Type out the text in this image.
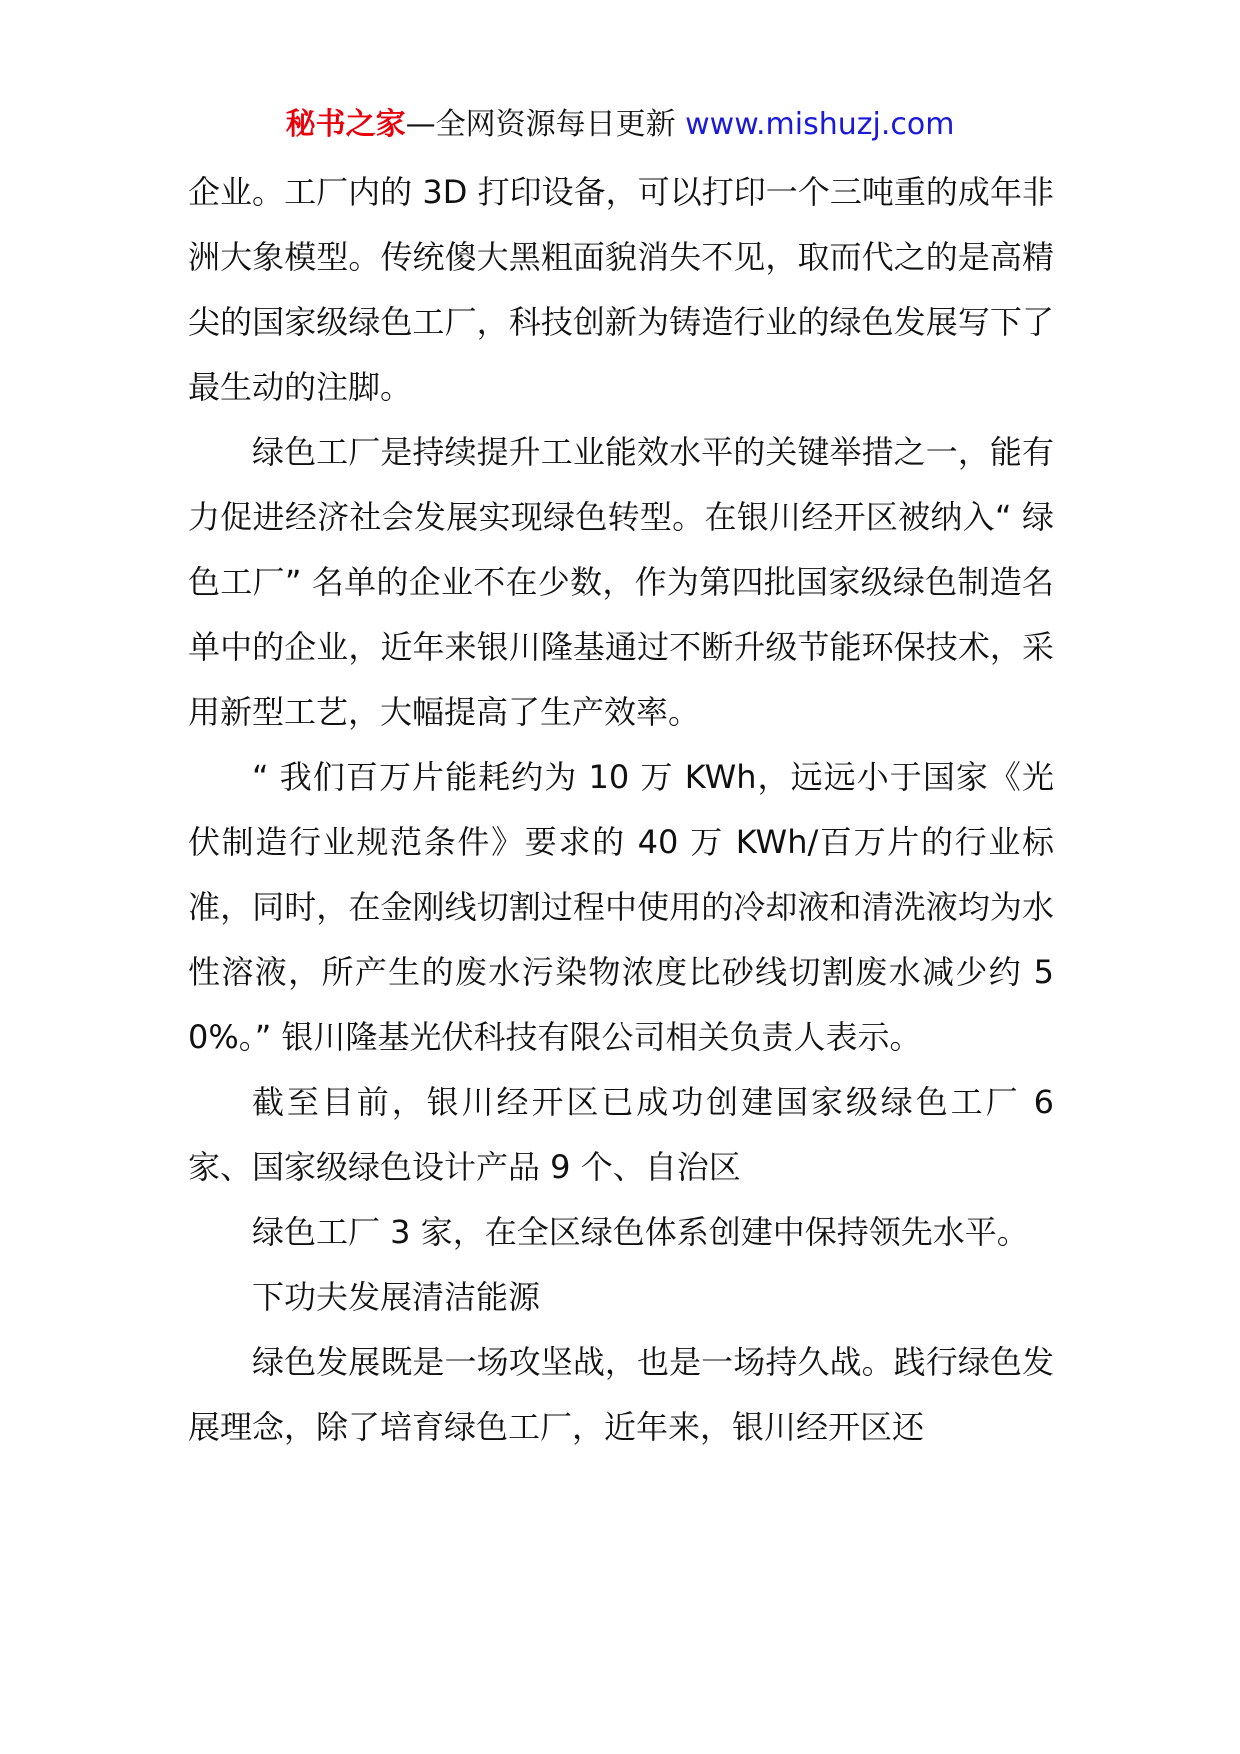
秘书之家—全网资源每日更新 www.mishuzj.com

企业。工厂内的 3D 打印设备，可以打印一个三吨重的成年非洲大象模型。传统傻大黑粗面貌消失不见，取而代之的是高精尖的国家级绿色工厂，科技创新为铸造行业的绿色发展写下了最生动的注脚。

绿色工厂是持续提升工业能效水平的关键举措之一，能有力促进经济社会发展实现绿色转型。在银川经开区被纳入“ 绿色工厂” 名单的企业不在少数，作为第四批国家级绿色制造名单中的企业，近年来银川隆基通过不断升级节能环保技术，采用新型工艺，大幅提高了生产效率。

“ 我们百万片能耗约为 10 万 KWh，远远小于国家《光伏制造行业规范条件》要求的 40 万 KWh/百万片的行业标准，同时，在金刚线切割过程中使用的冷却液和清洗液均为水性溶液，所产生的废水污染物浓度比砂线切割废水减少约 50%。” 银川隆基光伏科技有限公司相关负责人表示。

截至目前，银川经开区已成功创建国家级绿色工厂 6 家、国家级绿色设计产品 9 个、自治区

绿色工厂 3 家，在全区绿色体系创建中保持领先水平。

下功夫发展清洁能源

绿色发展既是一场攻坚战，也是一场持久战。践行绿色发展理念，除了培育绿色工厂，近年来，银川经开区还
